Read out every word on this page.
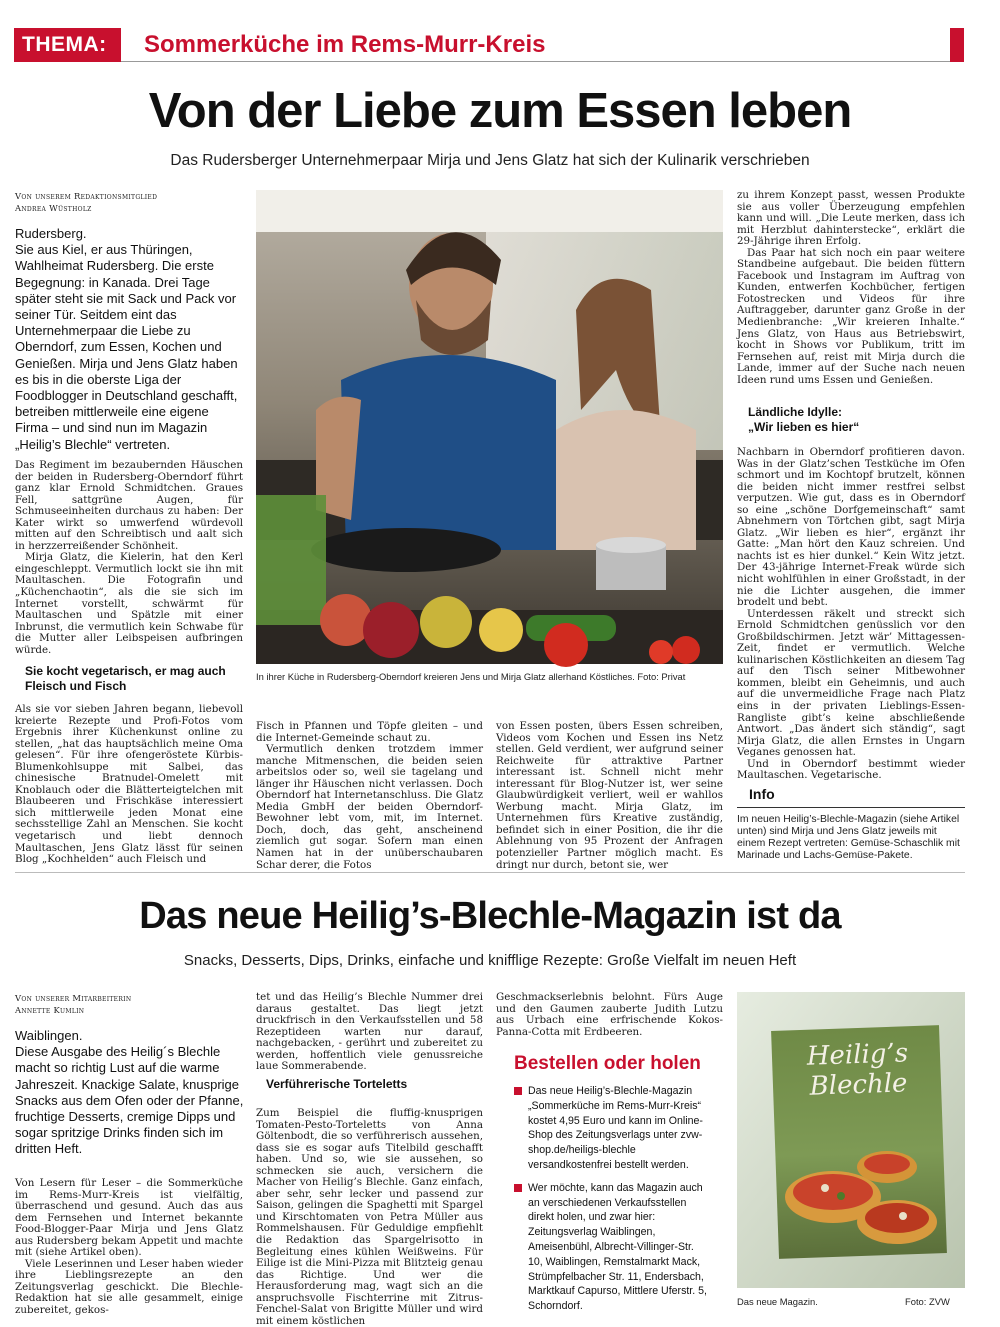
THEMA:	Sommerküche im Rems-Murr-Kreis
Von der Liebe zum Essen leben
Das Rudersberger Unternehmerpaar Mirja und Jens Glatz hat sich der Kulinarik verschrieben
Von unserem Redaktionsmitglied
Andrea Wüstholz
Rudersberg.
Sie aus Kiel, er aus Thüringen, Wahlheimat Rudersberg. Die erste Begegnung: in Kanada. Drei Tage später steht sie mit Sack und Pack vor seiner Tür. Seitdem eint das Unternehmerpaar die Liebe zu Oberndorf, zum Essen, Kochen und Genießen. Mirja und Jens Glatz haben es bis in die oberste Liga der Foodblogger in Deutschland geschafft, betreiben mittlerweile eine eigene Firma – und sind nun im Magazin „Heilig’s Blechle“ vertreten.

Das Regiment im bezaubernden Häuschen der beiden in Rudersberg-Oberndorf führt ganz klar Ernold Schmidtchen. Graues Fell, sattgrüne Augen, für Schmuseeinheiten durchaus zu haben: Der Kater wirkt so umwerfend würdevoll mitten auf den Schreibtisch und aalt sich in herzzerreißender Schönheit.

Mirja Glatz, die Kielerin, hat den Kerl eingeschleppt. Vermutlich lockt sie ihn mit Maultaschen. Die Fotografin und „Küchenchaotin“, als die sie sich im Internet vorstellt, schwärmt für Maultaschen und Spätzle mit einer Inbrunst, die vermutlich kein Schwabe für die Mutter aller Leibspeisen aufbringen würde.

Sie kocht vegetarisch, er mag auch Fleisch und Fisch

Als sie vor sieben Jahren begann, liebevoll kreierte Rezepte und Profi-Fotos vom Ergebnis ihrer Küchenkunst online zu stellen, „hat das hauptsächlich meine Oma gelesen“. Für ihre ofengeröstete Kürbis-Blumenkohlsuppe mit Salbei, das chinesische Bratnudel-Omelett mit Knoblauch oder die Blätterteigtelchen mit Blaubeeren und Frischkäse interessiert sich mittlerweile jeden Monat eine sechsstellige Zahl an Menschen. Sie kocht vegetarisch und liebt dennoch Maultaschen, Jens Glatz lässt für seinen Blog „Kochhelden“ auch Fleisch und

In ihrer Küche in Rudersberg-Oberndorf kreieren Jens und Mirja Glatz allerhand Köstliches. Foto: Privat

Fisch in Pfannen und Töpfe gleiten – und die Internet-Gemeinde schaut zu.

Vermutlich denken trotzdem immer manche Mitmenschen, die beiden seien arbeitslos oder so, weil sie tagelang und länger ihr Häuschen nicht verlassen. Doch Oberndorf hat Internetanschluss. Die Glatz Media GmbH der beiden Oberndorf-Bewohner lebt vom, mit, im Internet. Doch, doch, das geht, anscheinend ziemlich gut sogar. Sofern man einen Namen hat in der unüberschaubaren Schar derer, die Fotos

von Essen posten, übers Essen schreiben, Videos vom Kochen und Essen ins Netz stellen. Geld verdient, wer aufgrund seiner Reichweite für attraktive Partner interessant ist. Schnell nicht mehr interessant für Blog-Nutzer ist, wer seine Glaubwürdigkeit verliert, weil er wahllos Werbung macht. Mirja Glatz, im Unternehmen fürs Kreative zuständig, befindet sich in einer Position, die ihr die Ablehnung von 95 Prozent der Anfragen potenzieller Partner möglich macht. Es dringt nur durch, betont sie, wer

zu ihrem Konzept passt, wessen Produkte sie aus voller Überzeugung empfehlen kann und will. „Die Leute merken, dass ich mit Herzblut dahinterstecke“, erklärt die 29-Jährige ihren Erfolg.

Das Paar hat sich noch ein paar weitere Standbeine aufgebaut. Die beiden füttern Facebook und Instagram im Auftrag von Kunden, entwerfen Kochbücher, fertigen Fotostrecken und Videos für ihre Auftraggeber, darunter ganz Große in der Medienbranche: „Wir kreieren Inhalte.“ Jens Glatz, von Haus aus Betriebswirt, kocht in Shows vor Publikum, tritt im Fernsehen auf, reist mit Mirja durch die Lande, immer auf der Suche nach neuen Ideen rund ums Essen und Genießen.

Ländliche Idylle:
„Wir lieben es hier“

Nachbarn in Oberndorf profitieren davon. Was in der Glatz’schen Testküche im Ofen schmort und im Kochtopf brutzelt, können die beiden nicht immer restfrei selbst verputzen. Wie gut, dass es in Oberndorf so eine „schöne Dorfgemeinschaft“ samt Abnehmern von Törtchen gibt, sagt Mirja Glatz. „Wir lieben es hier“, ergänzt ihr Gatte: „Man hört den Kauz schreien. Und nachts ist es hier dunkel.“ Kein Witz jetzt. Der 43-jährige Internet-Freak würde sich nicht wohlfühlen in einer Großstadt, in der nie die Lichter ausgehen, die immer brodelt und bebt.

Unterdessen räkelt und streckt sich Ernold Schmidtchen genüsslich vor den Großbildschirmen. Jetzt wär’ Mittagessen-Zeit, findet er vermutlich. Welche kulinarischen Köstlichkeiten an diesem Tag auf den Tisch seiner Mitbewohner kommen, bleibt ein Geheimnis, und auch auf die unvermeidliche Frage nach Platz eins in der privaten Lieblings-Essen-Rangliste gibt’s keine abschließende Antwort. „Das ändert sich ständig“, sagt Mirja Glatz, die allen Ernstes in Ungarn Veganes genossen hat.

Und in Oberndorf bestimmt wieder Maultaschen. Vegetarische.

Info
Im neuen Heilig’s-Blechle-Magazin (siehe Artikel unten) sind Mirja und Jens Glatz jeweils mit einem Rezept vertreten: Gemüse-Schaschlik mit Marinade und Lachs-Gemüse-Pakete.
Das neue Heilig’s-Blechle-Magazin ist da
Snacks, Desserts, Dips, Drinks, einfache und knifflige Rezepte: Große Vielfalt im neuen Heft
Von unserer Mitarbeiterin
Annette Kumlin
Waiblingen.
Diese Ausgabe des Heilig´s Blechle macht so richtig Lust auf die warme Jahreszeit. Knackige Salate, knusprige Snacks aus dem Ofen oder der Pfanne, fruchtige Desserts, cremige Dipps und sogar spritzige Drinks finden sich im dritten Heft.

Von Lesern für Leser – die Sommerküche im Rems-Murr-Kreis ist vielfältig, überraschend und gesund. Auch das aus dem Fernsehen und Internet bekannte Food-Blogger-Paar Mirja und Jens Glatz aus Rudersberg bekam Appetit und machte mit (siehe Artikel oben).

Viele Leserinnen und Leser haben wieder ihre Lieblingsrezepte an den Zeitungsverlag geschickt. Die Blechle-Redaktion hat sie alle gesammelt, einige zubereitet, gekos-

tet und das Heilig’s Blechle Nummer drei daraus gestaltet. Das liegt jetzt druckfrisch in den Verkaufsstellen und 58 Rezeptideen warten nur darauf, nachgebacken, - gerührt und zubereitet zu werden, hoffentlich viele genussreiche laue Sommerabende.

Verführerische Torteletts

Zum Beispiel die fluffig-knusprigen Tomaten-Pesto-Torteletts von Anna Göltenbodt, die so verführerisch aussehen, dass sie es sogar aufs Titelbild geschafft haben. Und so, wie sie aussehen, so schmecken sie auch, versichern die Macher von Heilig’s Blechle. Ganz einfach, aber sehr, sehr lecker und passend zur Saison, gelingen die Spaghetti mit Spargel und Kirschtomaten von Petra Müller aus Rommelshausen. Für Geduldige empfiehlt die Redaktion das Spargelrisotto in Begleitung eines kühlen Weißweins. Für Eilige ist die Mini-Pizza mit Blitzteig genau das Richtige. Und wer die Herausforderung mag, wagt sich an die anspruchsvolle Fischterrine mit Zitrus-Fenchel-Salat von Brigitte Müller und wird mit einem köstlichen

Geschmackserlebnis belohnt. Fürs Auge und den Gaumen zauberte Judith Lutzu aus Urbach eine erfrischende Kokos-Panna-Cotta mit Erdbeeren.

Bestellen oder holen
Das neue Heilig’s-Blechle-Magazin „Sommerküche im Rems-Murr-Kreis“ kostet 4,95 Euro und kann im Online-Shop des Zeitungsverlags unter zvw-shop.de/heiligs-blechle versandkostenfrei bestellt werden.
Wer möchte, kann das Magazin auch an verschiedenen Verkaufsstellen direkt holen, und zwar hier: Zeitungsverlag Waiblingen, Ameisenbühl, Albrecht-Villinger-Str. 10, Waiblingen, Remstalmarkt Mack, Strümpfelbacher Str. 11, Endersbach, Marktkauf Capurso, Mittlere Uferstr. 5, Schorndorf.
Heilig’s Blechle
Das neue Magazin.	Foto: ZVW
